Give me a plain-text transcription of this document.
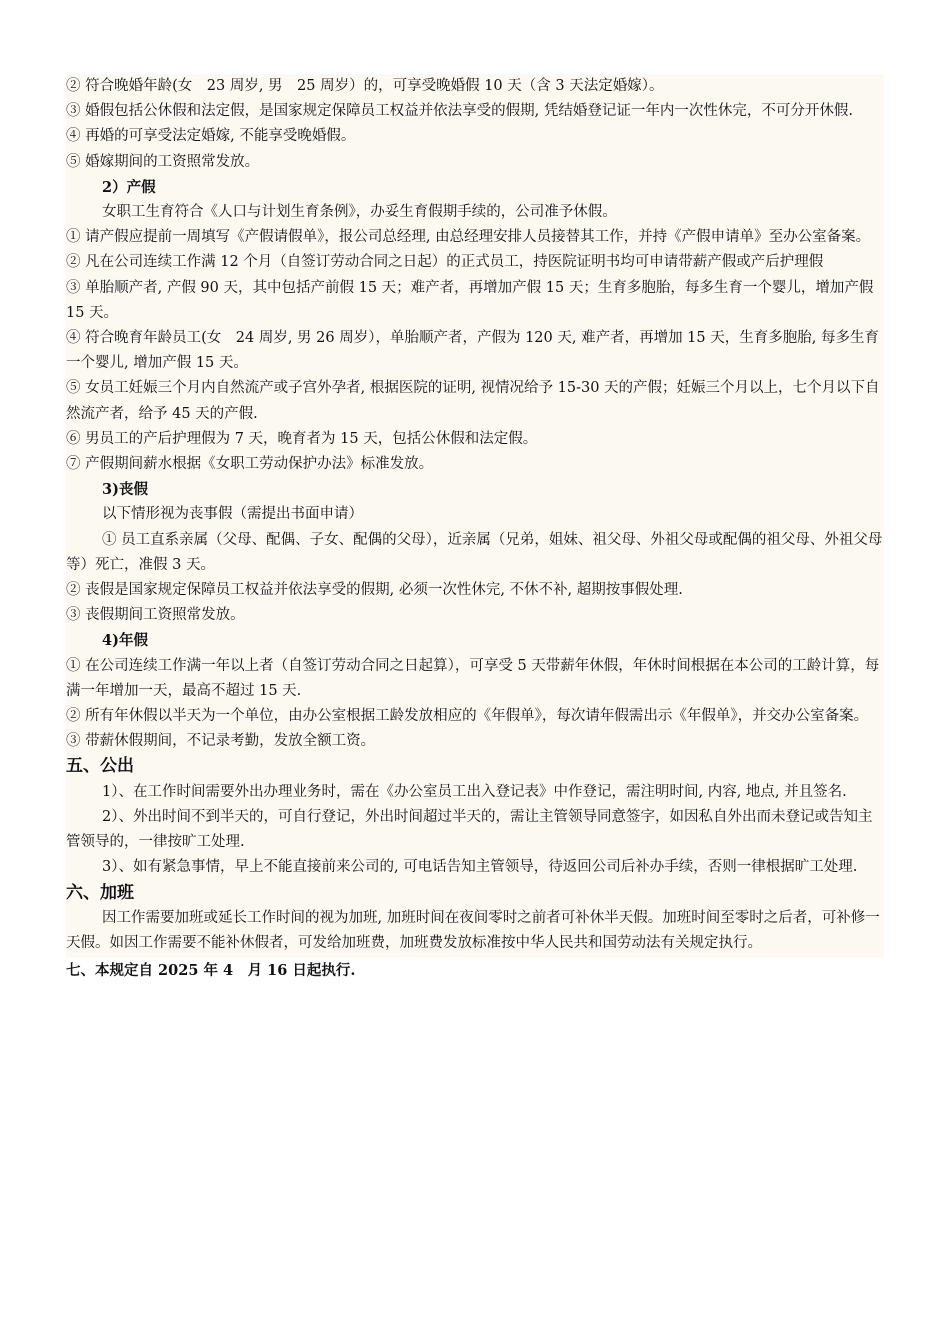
② 符合晚婚年龄(女　23 周岁, 男　25 周岁）的，可享受晚婚假 10 天（含 3 天法定婚嫁）。

③ 婚假包括公休假和法定假，是国家规定保障员工权益并依法享受的假期, 凭结婚登记证一年内一次性休完，不可分开休假.

④ 再婚的可享受法定婚嫁, 不能享受晚婚假。

⑤ 婚嫁期间的工资照常发放。

2）产假

女职工生育符合《人口与计划生育条例》，办妥生育假期手续的，公司准予休假。

① 请产假应提前一周填写《产假请假单》，报公司总经理, 由总经理安排人员接替其工作，并持《产假申请单》至办公室备案。

② 凡在公司连续工作满 12 个月（自签订劳动合同之日起）的正式员工，持医院证明书均可申请带薪产假或产后护理假

③ 单胎顺产者, 产假 90 天，其中包括产前假 15 天；难产者，再增加产假 15 天；生育多胞胎，每多生育一个婴儿，增加产假 15 天。

④ 符合晚育年龄员工(女　24 周岁, 男 26 周岁），单胎顺产者，产假为 120 天, 难产者，再增加 15 天，生育多胞胎, 每多生育一个婴儿, 增加产假 15 天。

⑤ 女员工妊娠三个月内自然流产或子宫外孕者, 根据医院的证明, 视情况给予 15-30 天的产假；妊娠三个月以上，七个月以下自然流产者，给予 45 天的产假.

⑥ 男员工的产后护理假为 7 天，晚育者为 15 天，包括公休假和法定假。

⑦ 产假期间薪水根据《女职工劳动保护办法》标准发放。

3)丧假

以下情形视为丧事假（需提出书面申请）

① 员工直系亲属（父母、配偶、子女、配偶的父母），近亲属（兄弟，姐妹、祖父母、外祖父母或配偶的祖父母、外祖父母等）死亡，准假 3 天。

② 丧假是国家规定保障员工权益并依法享受的假期, 必须一次性休完, 不休不补, 超期按事假处理.

③ 丧假期间工资照常发放。

4)年假

① 在公司连续工作满一年以上者（自签订劳动合同之日起算），可享受 5 天带薪年休假，年休时间根据在本公司的工龄计算，每满一年增加一天，最高不超过 15 天.

② 所有年休假以半天为一个单位，由办公室根据工龄发放相应的《年假单》，每次请年假需出示《年假单》，并交办公室备案。

③ 带薪休假期间，不记录考勤，发放全额工资。

五、公出

1）、在工作时间需要外出办理业务时，需在《办公室员工出入登记表》中作登记，需注明时间, 内容, 地点, 并且签名.

2）、外出时间不到半天的，可自行登记，外出时间超过半天的，需让主管领导同意签字，如因私自外出而未登记或告知主管领导的，一律按旷工处理.

3）、如有紧急事情，早上不能直接前来公司的, 可电话告知主管领导，待返回公司后补办手续，否则一律根据旷工处理.

六、加班

因工作需要加班或延长工作时间的视为加班, 加班时间在夜间零时之前者可补休半天假。加班时间至零时之后者，可补修一天假。如因工作需要不能补休假者，可发给加班费，加班费发放标准按中华人民共和国劳动法有关规定执行。

七、本规定自 2025 年 4　月 16 日起执行.
